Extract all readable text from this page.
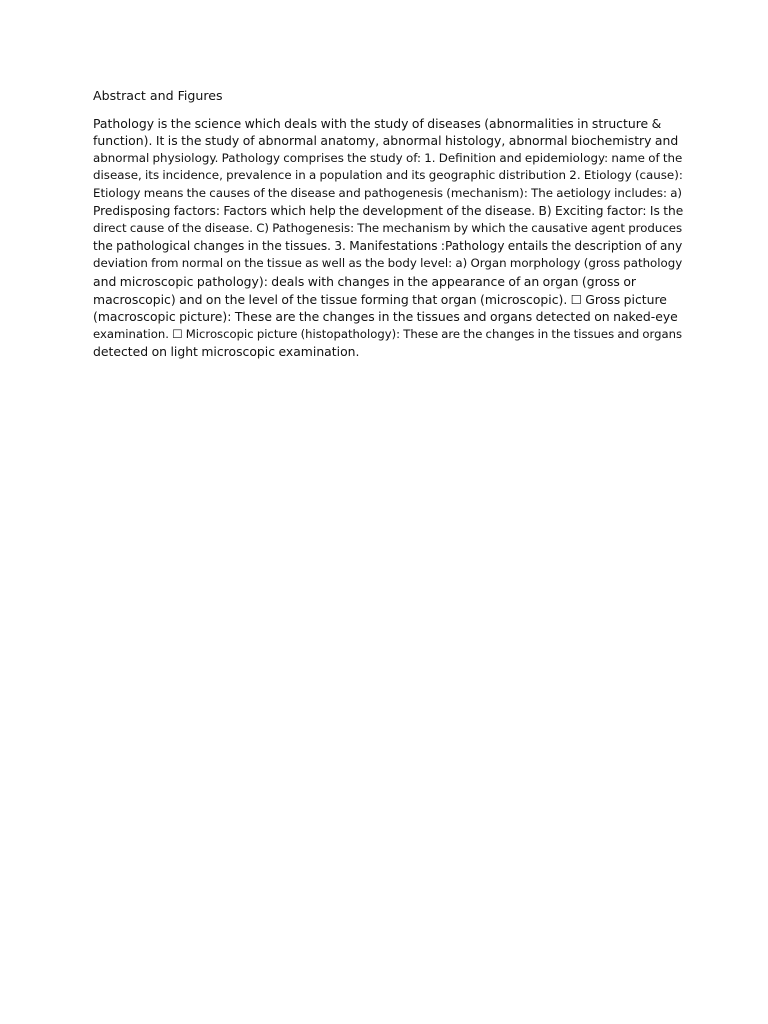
Abstract and Figures
Pathology is the science which deals with the study of diseases (abnormalities in structure &
function). It is the study of abnormal anatomy, abnormal histology, abnormal biochemistry and
abnormal physiology. Pathology comprises the study of: 1. Definition and epidemiology: name of the
disease, its incidence, prevalence in a population and its geographic distribution 2. Etiology (cause):
Etiology means the causes of the disease and pathogenesis (mechanism): The aetiology includes: a)
Predisposing factors: Factors which help the development of the disease. B) Exciting factor: Is the
direct cause of the disease. C) Pathogenesis: The mechanism by which the causative agent produces
the pathological changes in the tissues. 3. Manifestations :Pathology entails the description of any
deviation from normal on the tissue as well as the body level: a) Organ morphology (gross pathology
and microscopic pathology): deals with changes in the appearance of an organ (gross or
macroscopic) and on the level of the tissue forming that organ (microscopic). ☐ Gross picture
(macroscopic picture): These are the changes in the tissues and organs detected on naked-eye
examination. ☐ Microscopic picture (histopathology): These are the changes in the tissues and organs
detected on light microscopic examination.
